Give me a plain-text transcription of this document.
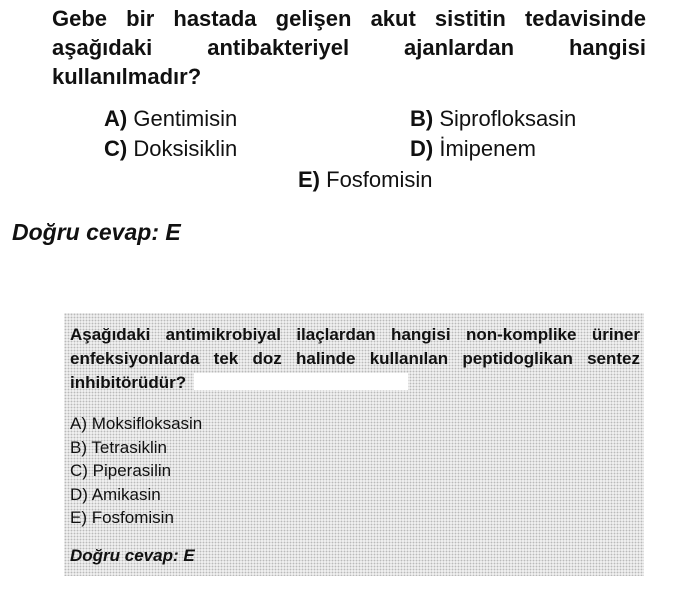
Gebe bir hastada gelişen akut sistitin tedavisinde aşağıdaki antibakteriyel ajanlardan hangisi kullanılmadır?

A) Gentimisin	B) Siprofloksasin
C) Doksisiklin	D) İmipenem
E) Fosfomisin
Doğru cevap: E

Aşağıdaki antimikrobiyal ilaçlardan hangisi non-komplike üriner enfeksiyonlarda tek doz halinde kullanılan peptidoglikan sentez inhibitörüdür?

A) Moksifloksasin
B) Tetrasiklin
C) Piperasilin
D) Amikasin
E) Fosfomisin
Doğru cevap: E
